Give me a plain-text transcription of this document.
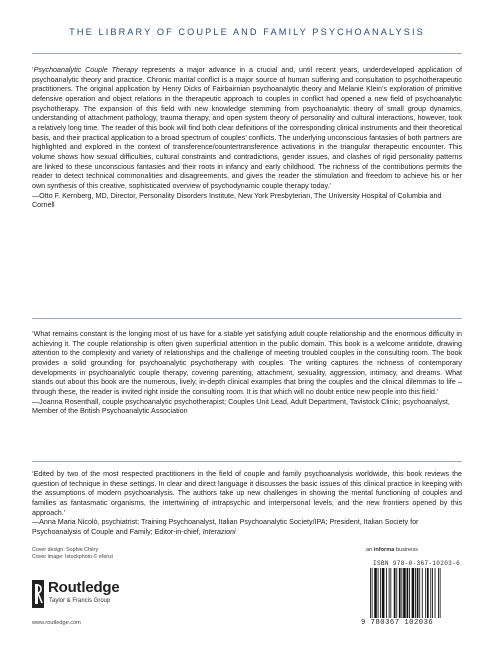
THE LIBRARY OF COUPLE AND FAMILY PSYCHOANALYSIS

‘Psychoanalytic Couple Therapy represents a major advance in a crucial and, until recent years, underdeveloped application of psychoanalytic theory and practice. Chronic marital conflict is a major source of human suffering and consultation to psychotherapeutic practitioners. The original application by Henry Dicks of Fairbairnian psychoanalytic theory and Melanie Klein’s exploration of primitive defensive operation and object relations in the therapeutic approach to couples in conflict had opened a new field of psychoanalytic psychotherapy. The expansion of this field with new knowledge stemming from psychoanalytic theory of small group dynamics, understanding of attachment pathology, trauma therapy, and open system theory of personality and cultural interactions, however, took a relatively long time. The reader of this book will find both clear definitions of the corresponding clinical instruments and their theoretical basis, and their practical application to a broad spectrum of couples’ conflicts. The underlying unconscious fantasies of both partners are highlighted and explored in the context of transference/countertransference activations in the triangular therapeutic encounter. This volume shows how sexual difficulties, cultural constraints and contradictions, gender issues, and clashes of rigid personality patterns are linked to these unconscious fantasies and their roots in infancy and early childhood. The richness of the contributions permits the reader to detect technical commonalities and disagreements, and gives the reader the stimulation and freedom to achieve his or her own synthesis of this creative, sophisticated overview of psychodynamic couple therapy today.’

—Otto F. Kernberg, MD, Director, Personality Disorders Institute, New York Presbyterian, The University Hospital of Columbia and Cornell

‘What remains constant is the longing most of us have for a stable yet satisfying adult couple relationship and the enormous difficulty in achieving it. The couple relationship is often given superficial attention in the public domain. This book is a welcome antidote, drawing attention to the complexity and variety of relationships and the challenge of meeting troubled couples in the consulting room. The book provides a solid grounding for psychoanalytic psychotherapy with couples. The writing captures the richness of contemporary developments in psychoanalytic couple therapy, covering parenting, attachment, sexuality, aggression, intimacy, and dreams. What stands out about this book are the numerous, lively, in-depth clinical examples that bring the couples and the clinical dilemmas to life – through these, the reader is invited right inside the consulting room. It is that which will no doubt entice new people into this field.’

—Joanna Rosenthall, couple psychoanalytic psychotherapist; Couples Unit Lead, Adult Department, Tavistock Clinic; psychoanalyst, Member of the British Psychoanalytic Association

‘Edited by two of the most respected practitioners in the field of couple and family psychoanalysis worldwide, this book reviews the question of technique in these settings. In clear and direct language it discusses the basic issues of this clinical practice in keeping with the assumptions of modern psychoanalysis. The authors take up new challenges in showing the mental functioning of couples and families as fantasmatic organisms, the intertwining of intrapsychic and interpersonal levels, and the new frontiers opened by this approach.’

—Anna Maria Nicolò, psychiatrist; Training Psychoanalyst, Italian Psychoanalytic Society/IPA; President, Italian Society for Psychoanalysis of Couple and Family; Editor-in-chief, Interazioni

Cover design: Sophie Chéry
Cover image: Istockphoto © efenzi
Routledge
Taylor & Francis Group
www.routledge.com
an informa business
ISBN 978-0-367-10203-6
9 780367 102036
